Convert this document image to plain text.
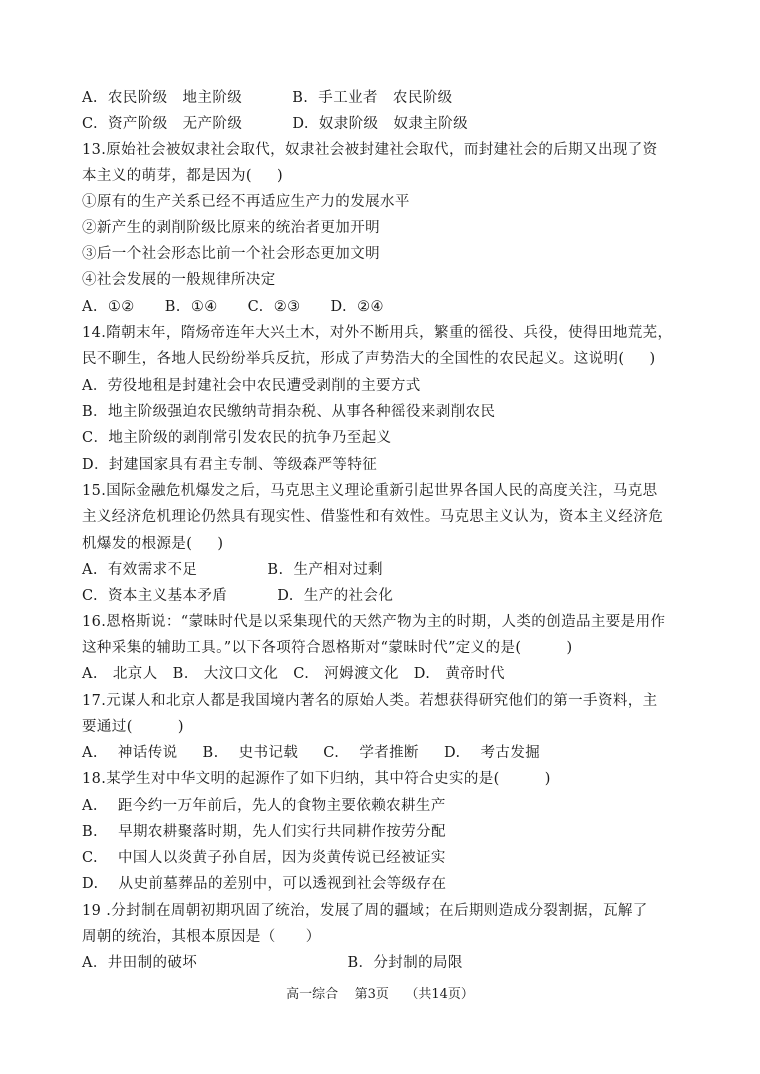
A.  农民阶级   地主阶级          B.  手工业者   农民阶级
C.  资产阶级   无产阶级          D.  奴隶阶级   奴隶主阶级
13.原始社会被奴隶社会取代，奴隶社会被封建社会取代，而封建社会的后期又出现了资
本主义的萌芽，都是因为(     )
①原有的生产关系已经不再适应生产力的发展水平
②新产生的剥削阶级比原来的统治者更加开明
③后一个社会形态比前一个社会形态更加文明
④社会发展的一般规律所决定
A.  ①②      B.  ①④      C.  ②③      D.  ②④
14.隋朝末年，隋炀帝连年大兴土木，对外不断用兵，繁重的徭役、兵役，使得田地荒芜，
民不聊生，各地人民纷纷举兵反抗，形成了声势浩大的全国性的农民起义。这说明(     )
A．劳役地租是封建社会中农民遭受剥削的主要方式
B．地主阶级强迫农民缴纳苛捐杂税、从事各种徭役来剥削农民
C．地主阶级的剥削常引发农民的抗争乃至起义
D．封建国家具有君主专制、等级森严等特征
15.国际金融危机爆发之后，马克思主义理论重新引起世界各国人民的高度关注，马克思
主义经济危机理论仍然具有现实性、借鉴性和有效性。马克思主义认为，资本主义经济危
机爆发的根源是(     )
A.  有效需求不足              B.  生产相对过剩
C.  资本主义基本矛盾          D.  生产的社会化
16.恩格斯说：“蒙昧时代是以采集现代的天然产物为主的时期，人类的创造品主要是用作
这种采集的辅助工具。”以下各项符合恩格斯对“蒙昧时代”定义的是(         )
A.   北京人   B.   大汶口文化   C.   河姆渡文化   D.   黄帝时代
17.元谋人和北京人都是我国境内著名的原始人类。若想获得研究他们的第一手资料，主
要通过(         )
A.    神话传说     B.    史书记载     C.    学者推断     D.    考古发掘
18.某学生对中华文明的起源作了如下归纳，其中符合史实的是(         )
A.    距今约一万年前后，先人的食物主要依赖农耕生产
B.    早期农耕聚落时期，先人们实行共同耕作按劳分配
C.    中国人以炎黄子孙自居，因为炎黄传说已经被证实
D.    从史前墓葬品的差别中，可以透视到社会等级存在
19 .分封制在周朝初期巩固了统治，发展了周的疆域；在后期则造成分裂割据，瓦解了
周朝的统治，其根本原因是（      ）
A．井田制的破坏                              B．分封制的局限
高一综合    第3页    （共14页）
